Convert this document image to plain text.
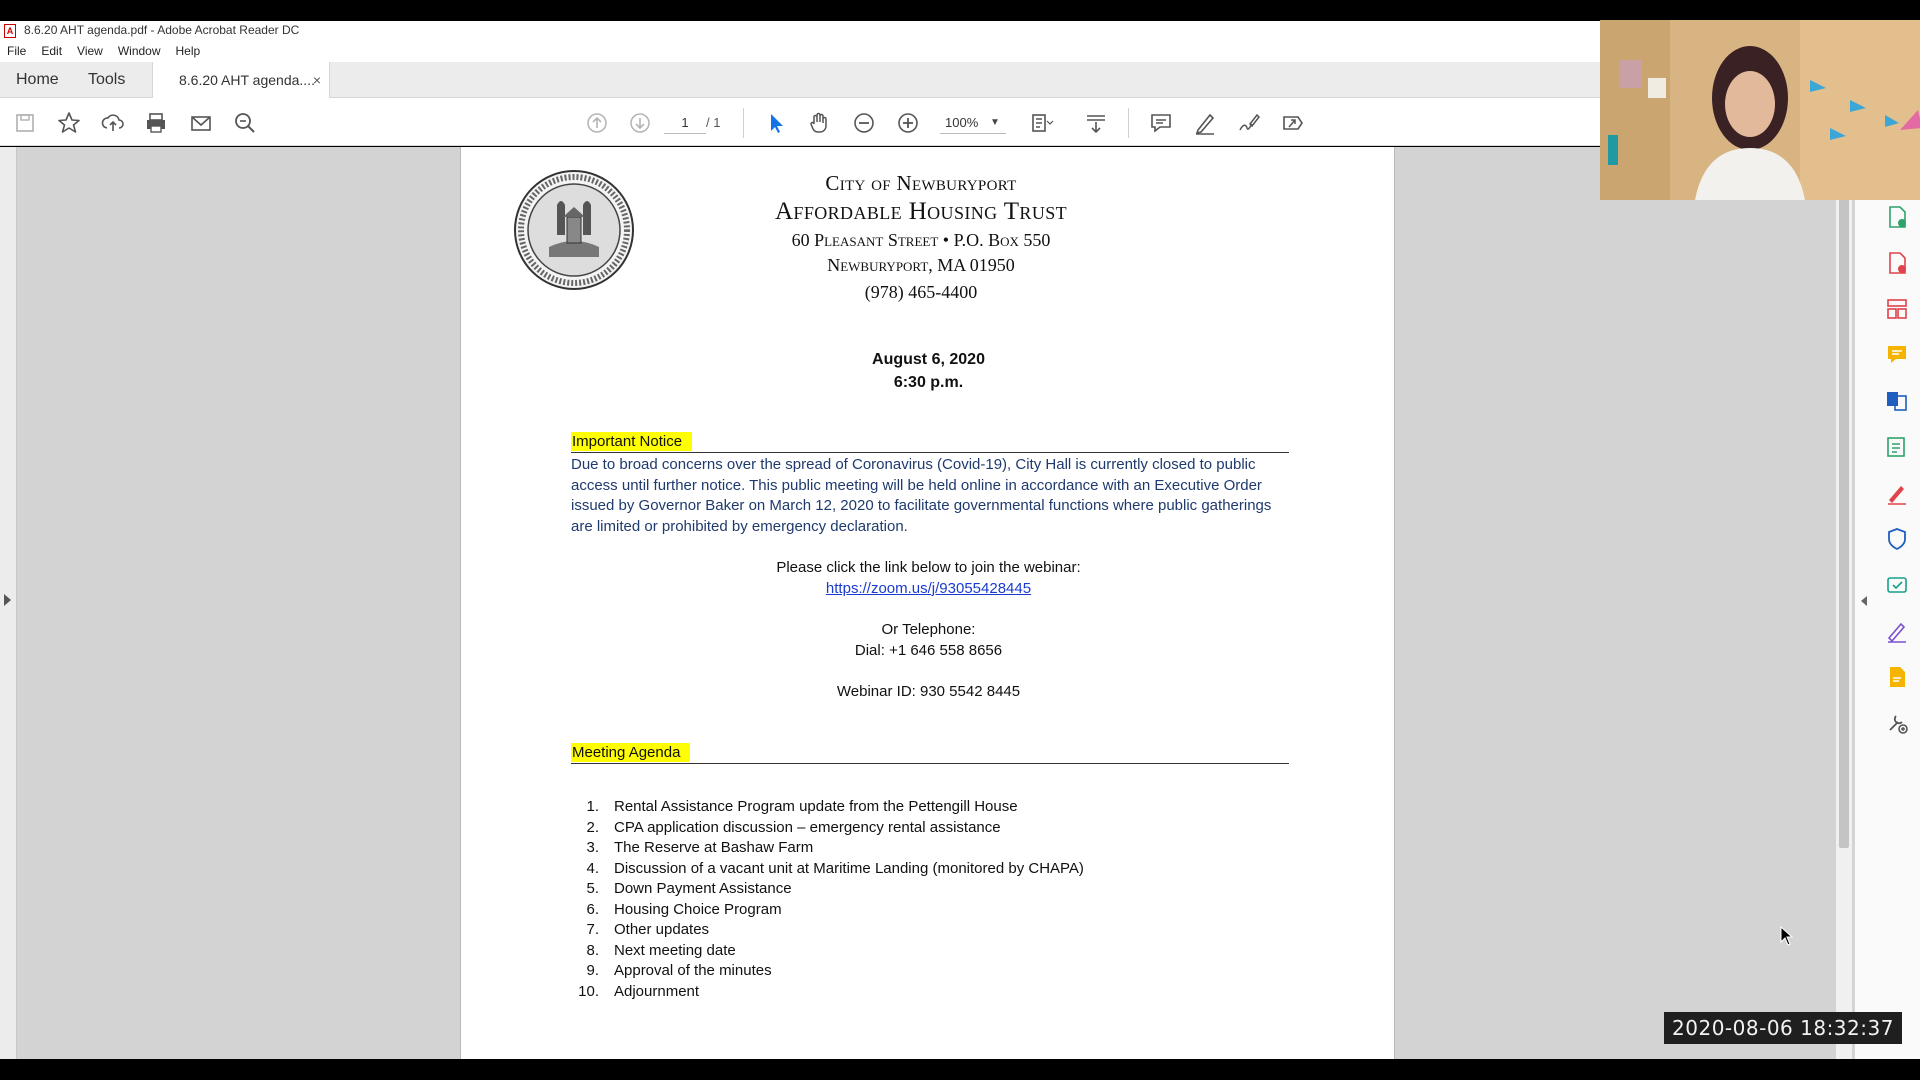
A 8.6.20 AHT agenda.pdf - Adobe Acrobat Reader DC
File Edit View Window Help
Home Tools	8.6.20 AHT agenda....
×
1	/ 1	100%	▼
City of Newburyport
Affordable Housing Trust
60 Pleasant Street • P.O. Box 550
Newburyport, MA 01950
(978) 465-4400
August 6, 2020
6:30 p.m.
Important Notice
Due to broad concerns over the spread of Coronavirus (Covid-19), City Hall is currently closed to public access until further notice. This public meeting will be held online in accordance with an Executive Order issued by Governor Baker on March 12, 2020 to facilitate governmental functions where public gatherings are limited or prohibited by emergency declaration.
Please click the link below to join the webinar:
https://zoom.us/j/93055428445
Or Telephone:
Dial: +1 646 558 8656
Webinar ID: 930 5542 8445
Meeting Agenda
1. Rental Assistance Program update from the Pettengill House
2. CPA application discussion – emergency rental assistance
3. The Reserve at Bashaw Farm
4. Discussion of a vacant unit at Maritime Landing (monitored by CHAPA)
5. Down Payment Assistance
6. Housing Choice Program
7. Other updates
8. Next meeting date
9. Approval of the minutes
10. Adjournment
2020-08-06 18:32:37
